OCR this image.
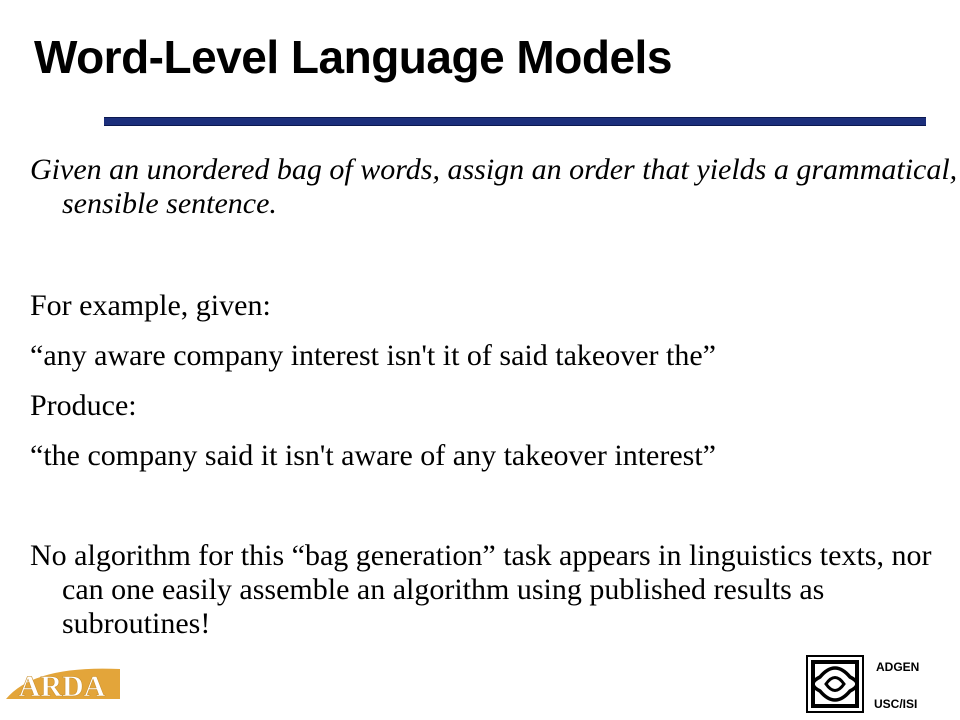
Word-Level Language Models
Given an unordered bag of words, assign an order that yields a grammatical, sensible sentence.
For example, given:
“any aware company interest isn't it of said takeover the”
Produce:
“the company said it isn't aware of any takeover interest”
No algorithm for this “bag generation” task appears in linguistics texts, nor can one easily assemble an algorithm using published results as subroutines!
ARDA
ADGEN
USC/ISI
